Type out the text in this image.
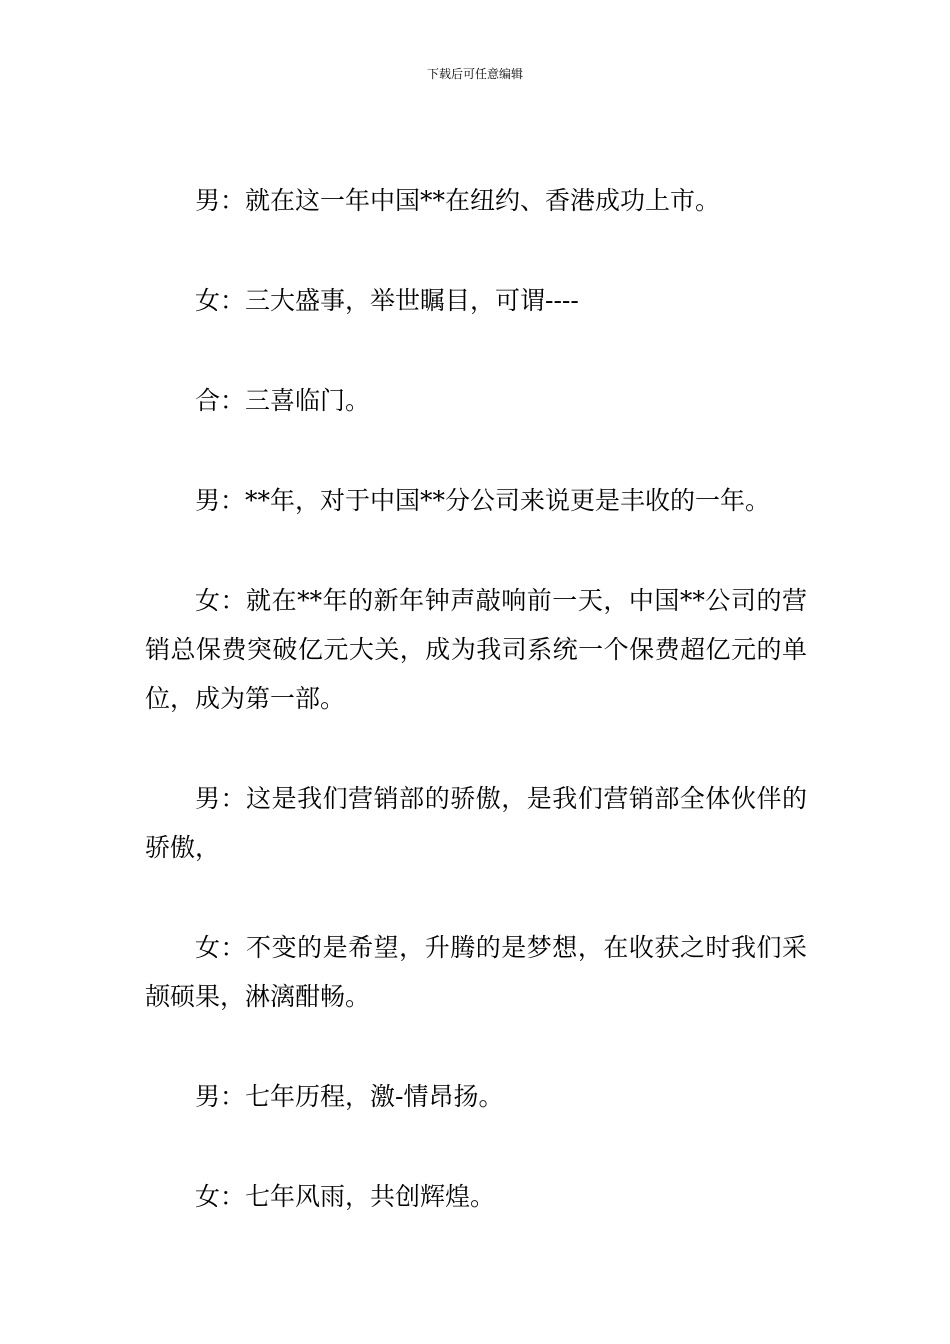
下载后可任意编辑

男：就在这一年中国**在纽约、香港成功上市。

女：三大盛事，举世瞩目，可谓----

合：三喜临门。

男：**年，对于中国**分公司来说更是丰收的一年。

女：就在**年的新年钟声敲响前一天，中国**公司的营销总保费突破亿元大关，成为我司系统一个保费超亿元的单位，成为第一部。

男：这是我们营销部的骄傲，是我们营销部全体伙伴的骄傲，

女：不变的是希望，升腾的是梦想，在收获之时我们采颉硕果，淋漓酣畅。

男：七年历程，激-情昂扬。

女：七年风雨，共创辉煌。
